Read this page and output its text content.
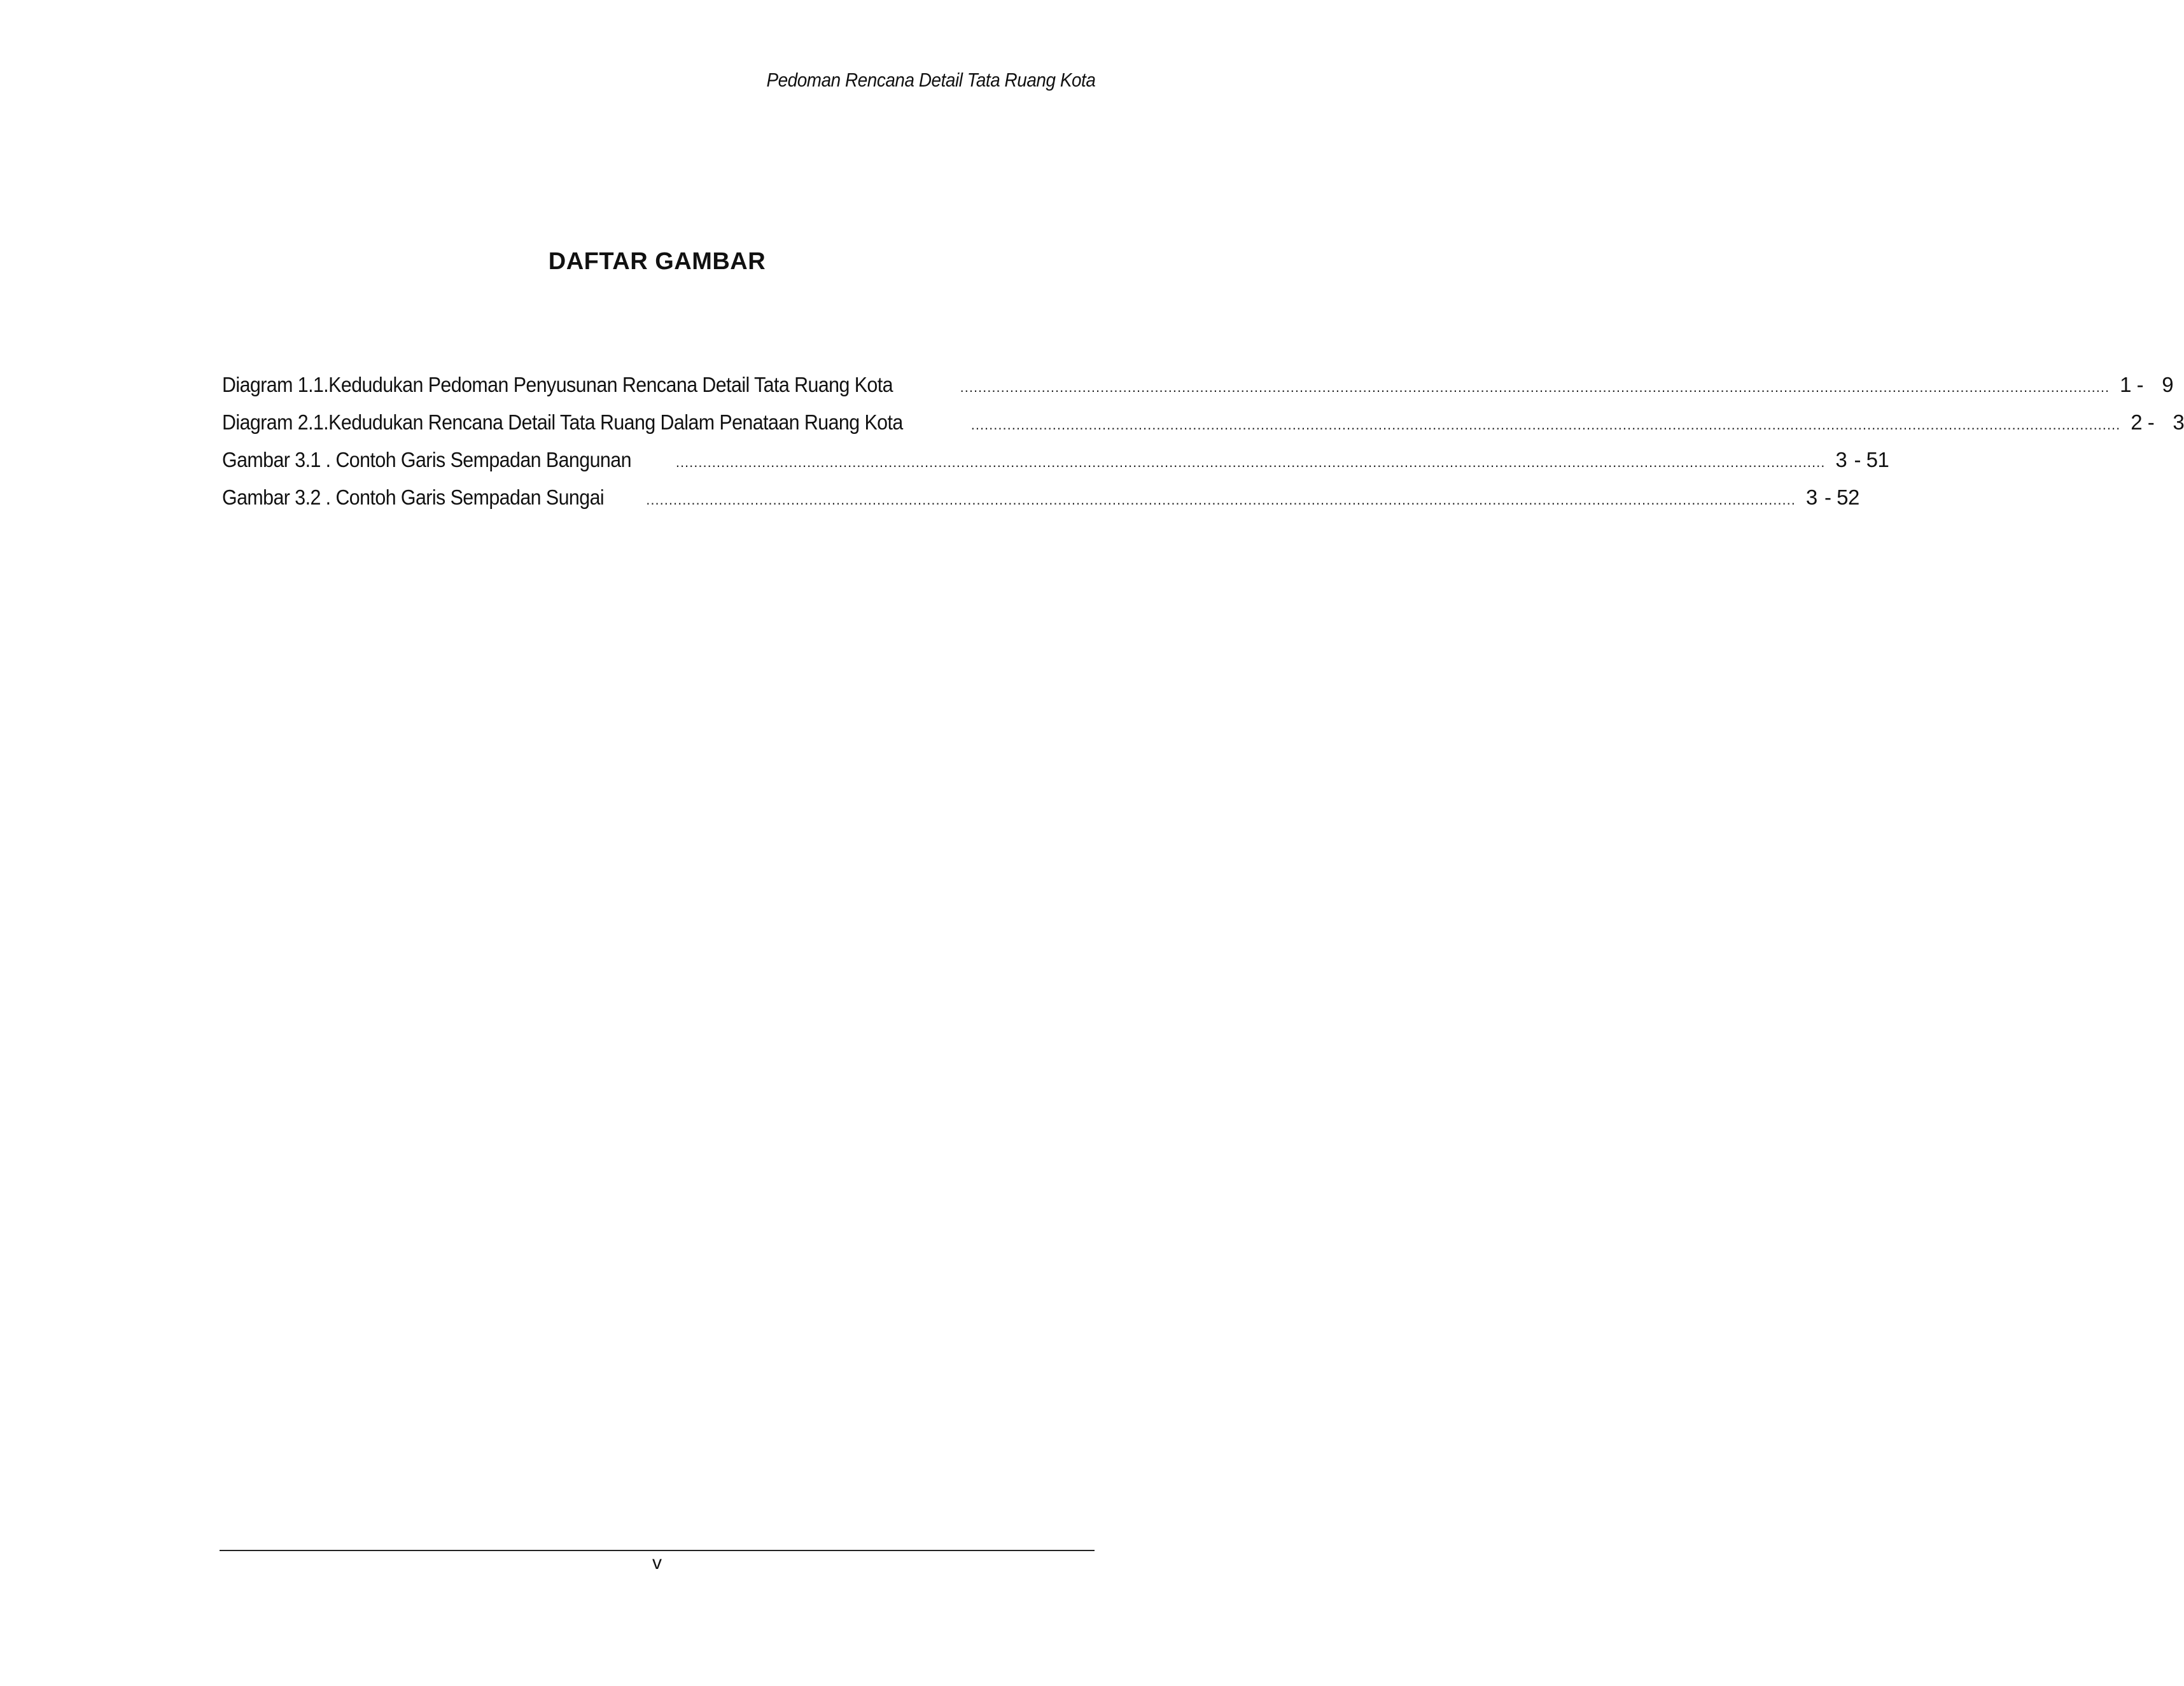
Pedoman Rencana Detail Tata Ruang Kota
DAFTAR GAMBAR
Diagram 1.1.Kedudukan Pedoman Penyusunan Rencana Detail Tata Ruang Kota	.............................................................................................................................................................................................................................................................. 1 - 9
Diagram 2.1.Kedudukan Rencana Detail Tata Ruang Dalam Penataan Ruang Kota	.............................................................................................................................................................................................................................................................. 2 - 3
Gambar 3.1 . Contoh Garis Sempadan Bangunan	.............................................................................................................................................................................................................................................................. 3 - 51
Gambar 3.2 . Contoh Garis Sempadan Sungai	.............................................................................................................................................................................................................................................................. 3 - 52
v
